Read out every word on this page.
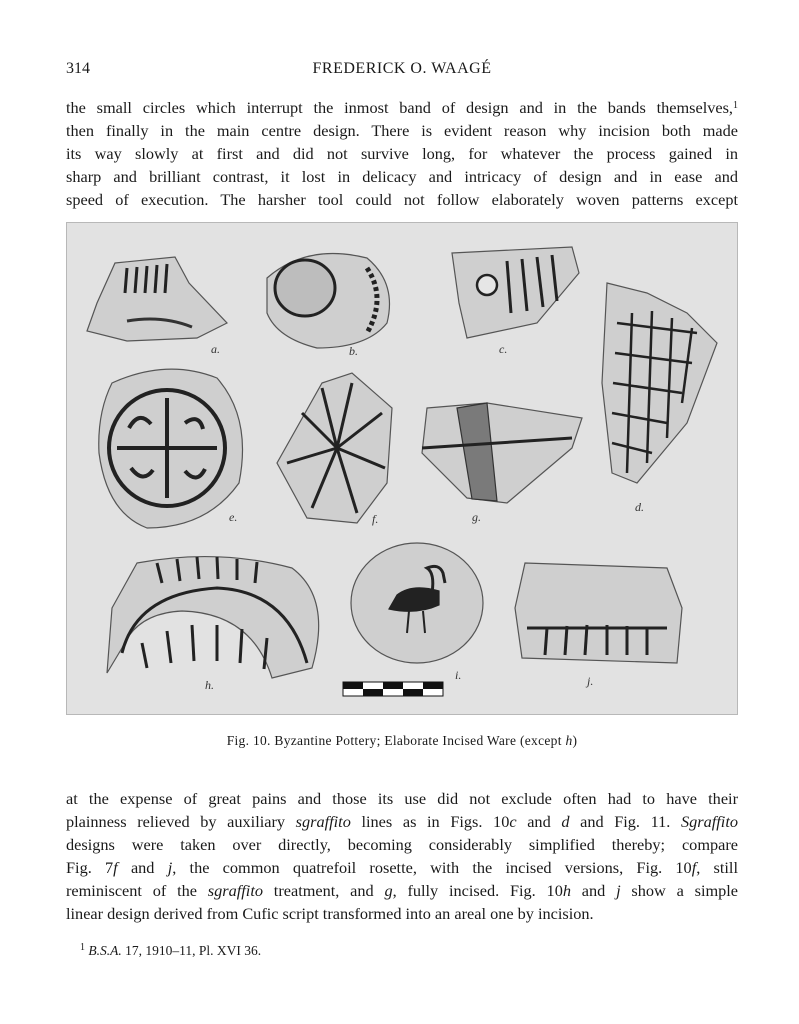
314	FREDERICK O. WAAGÉ
the small circles which interrupt the inmost band of design and in the bands themselves,$^1$
then finally in the main centre design. There is evident reason why incision both made
its way slowly at first and did not survive long, for whatever the process gained in
sharp and brilliant contrast, it lost in delicacy and intricacy of design and in ease and
speed of execution. The harsher tool could not follow elaborately woven patterns except
a.	b.	c.
d.
e.	f.	g.
h.
i.	j.
Fig. 10. Byzantine Pottery; Elaborate Incised Ware (except h)
at the expense of great pains and those its use did not exclude often had to have their
plainness relieved by auxiliary sgraffito lines as in Figs. 10c and d and Fig. 11. Sgraffito
designs were taken over directly, becoming considerably simplified thereby; compare
Fig. 7f and j, the common quatrefoil rosette, with the incised versions, Fig. 10f, still
reminiscent of the sgraffito treatment, and g, fully incised. Fig. 10h and j show a simple
linear design derived from Cufic script transformed into an areal one by incision.
$^1$ B.S.A. 17, 1910–11, Pl. XVI 36.
